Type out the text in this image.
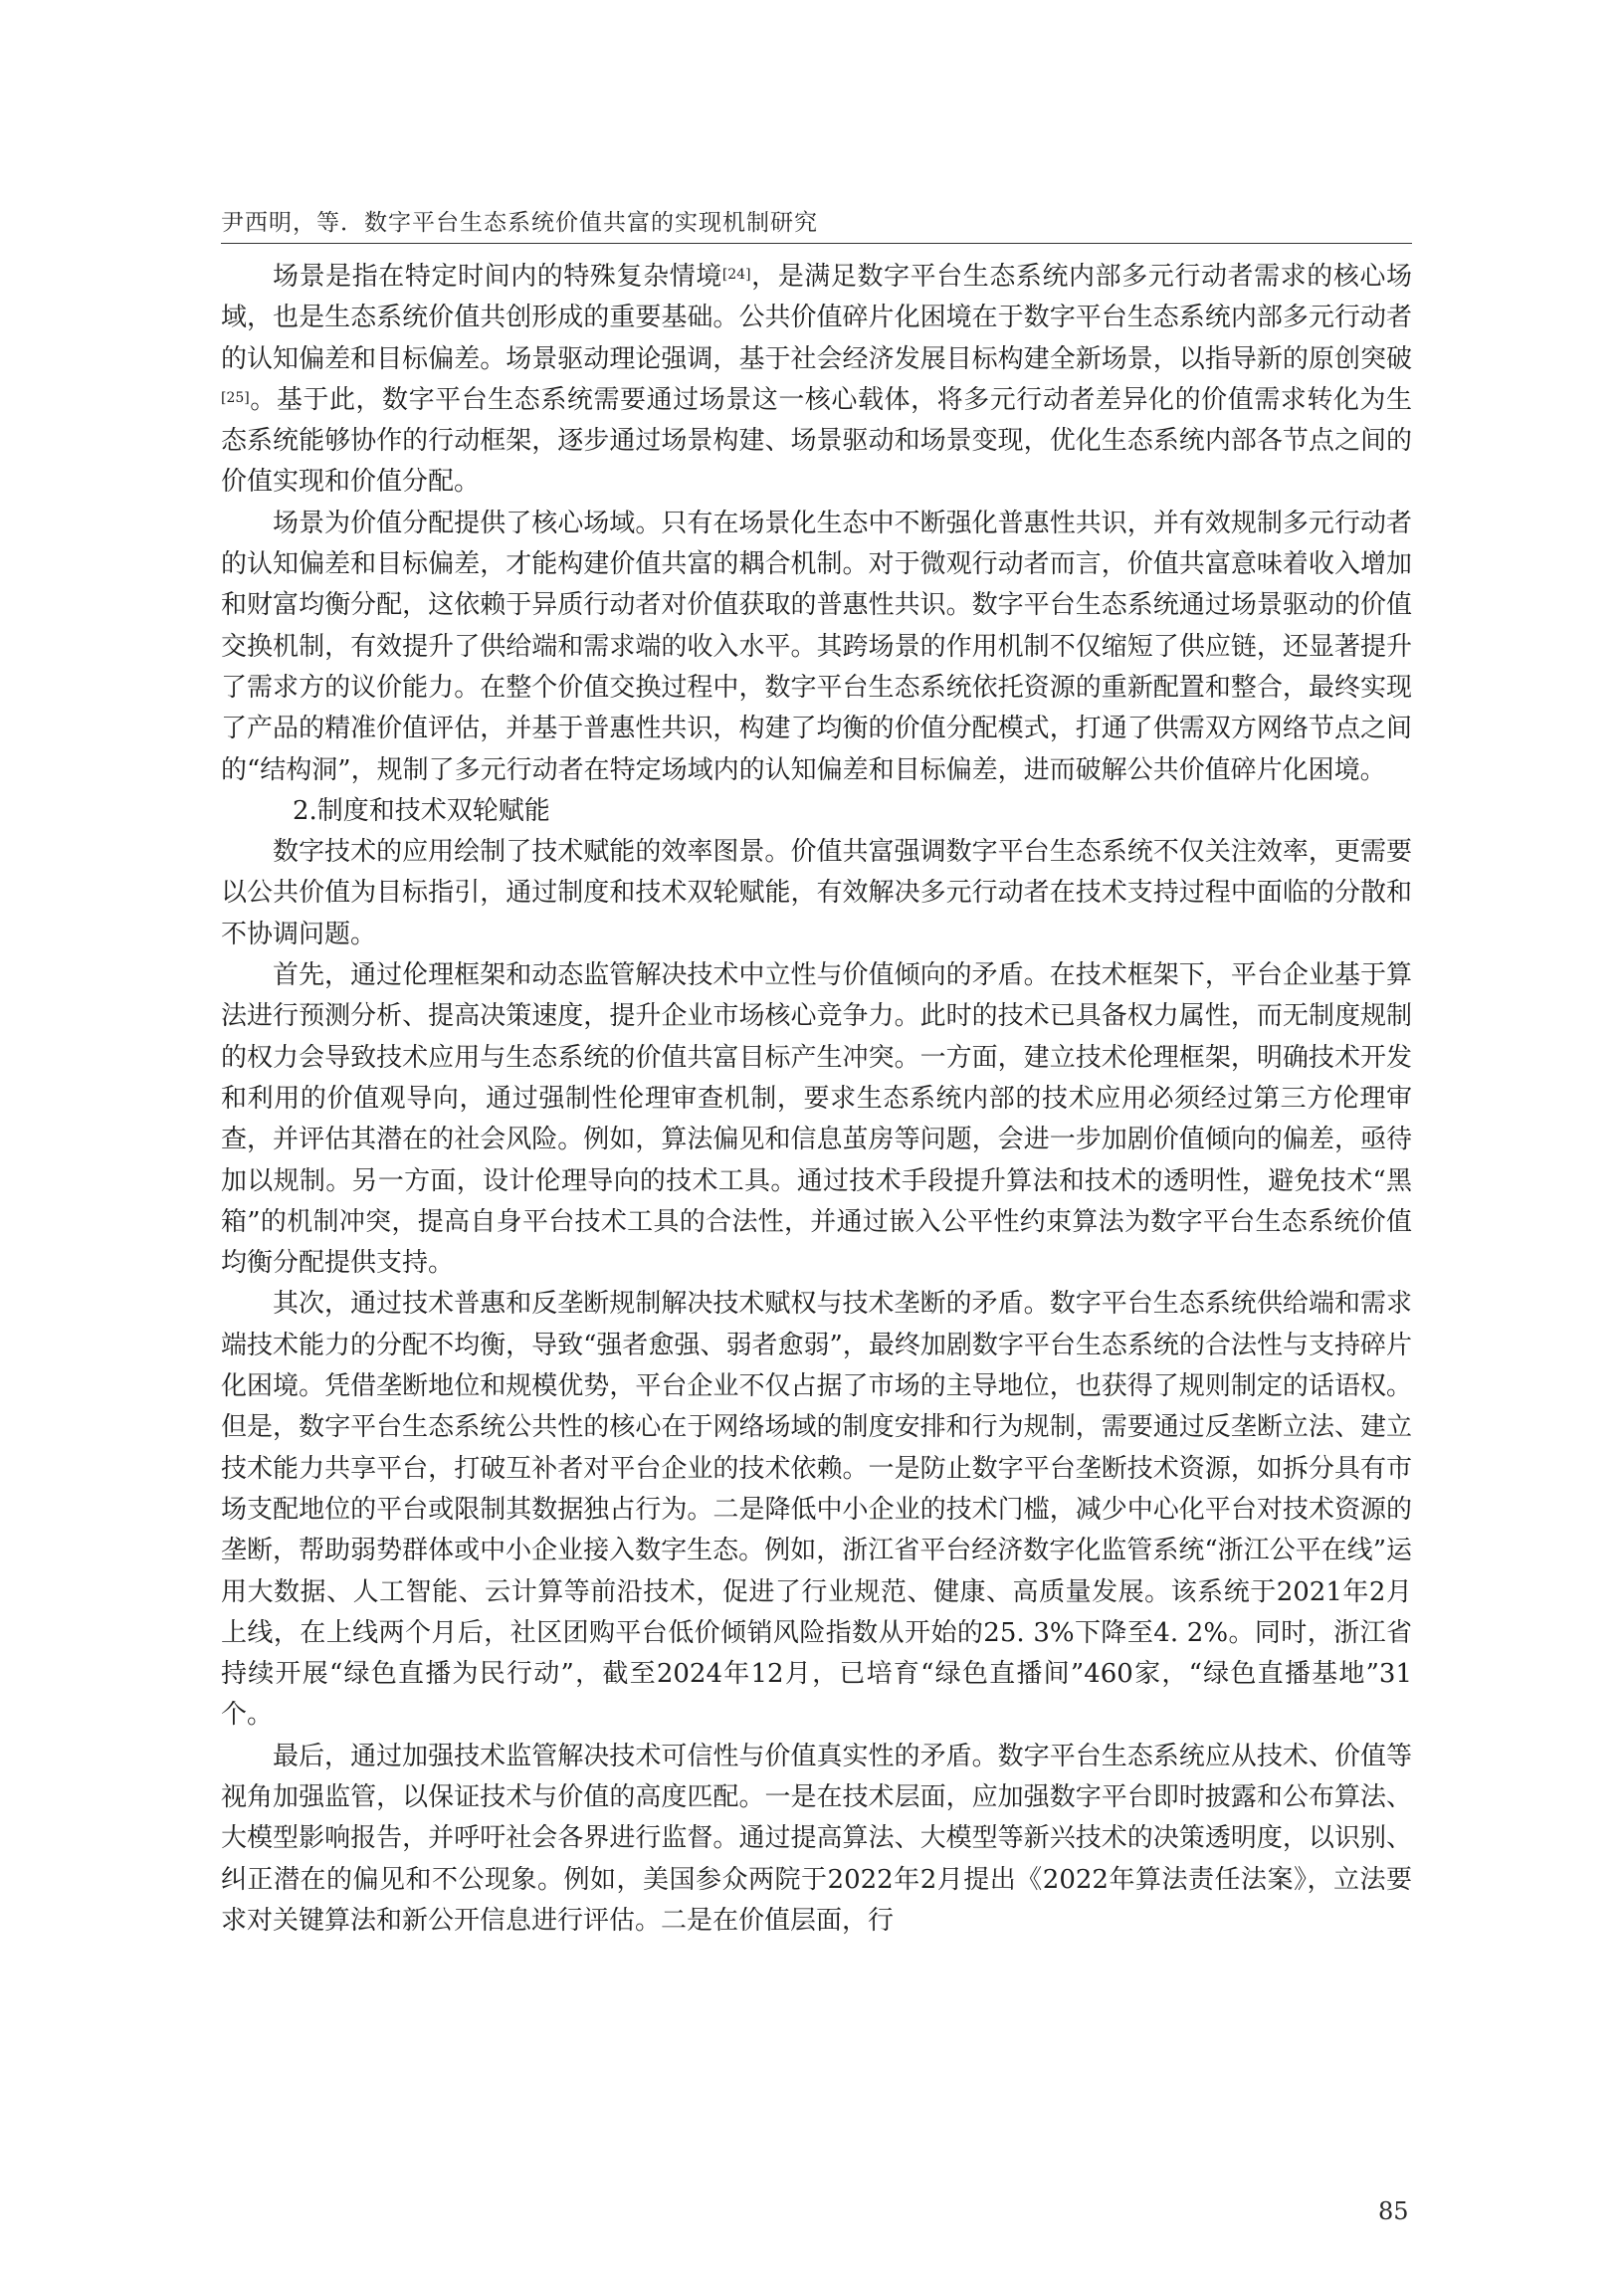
尹西明，等．数字平台生态系统价值共富的实现机制研究

场景是指在特定时间内的特殊复杂情境[24]，是满足数字平台生态系统内部多元行动者需求的核心场域，也是生态系统价值共创形成的重要基础。公共价值碎片化困境在于数字平台生态系统内部多元行动者的认知偏差和目标偏差。场景驱动理论强调，基于社会经济发展目标构建全新场景，以指导新的原创突破[25]。基于此，数字平台生态系统需要通过场景这一核心载体，将多元行动者差异化的价值需求转化为生态系统能够协作的行动框架，逐步通过场景构建、场景驱动和场景变现，优化生态系统内部各节点之间的价值实现和价值分配。

场景为价值分配提供了核心场域。只有在场景化生态中不断强化普惠性共识，并有效规制多元行动者的认知偏差和目标偏差，才能构建价值共富的耦合机制。对于微观行动者而言，价值共富意味着收入增加和财富均衡分配，这依赖于异质行动者对价值获取的普惠性共识。数字平台生态系统通过场景驱动的价值交换机制，有效提升了供给端和需求端的收入水平。其跨场景的作用机制不仅缩短了供应链，还显著提升了需求方的议价能力。在整个价值交换过程中，数字平台生态系统依托资源的重新配置和整合，最终实现了产品的精准价值评估，并基于普惠性共识，构建了均衡的价值分配模式，打通了供需双方网络节点之间的“结构洞”，规制了多元行动者在特定场域内的认知偏差和目标偏差，进而破解公共价值碎片化困境。

2.制度和技术双轮赋能

数字技术的应用绘制了技术赋能的效率图景。价值共富强调数字平台生态系统不仅关注效率，更需要以公共价值为目标指引，通过制度和技术双轮赋能，有效解决多元行动者在技术支持过程中面临的分散和不协调问题。

首先，通过伦理框架和动态监管解决技术中立性与价值倾向的矛盾。在技术框架下，平台企业基于算法进行预测分析、提高决策速度，提升企业市场核心竞争力。此时的技术已具备权力属性，而无制度规制的权力会导致技术应用与生态系统的价值共富目标产生冲突。一方面，建立技术伦理框架，明确技术开发和利用的价值观导向，通过强制性伦理审查机制，要求生态系统内部的技术应用必须经过第三方伦理审查，并评估其潜在的社会风险。例如，算法偏见和信息茧房等问题，会进一步加剧价值倾向的偏差，亟待加以规制。另一方面，设计伦理导向的技术工具。通过技术手段提升算法和技术的透明性，避免技术“黑箱”的机制冲突，提高自身平台技术工具的合法性，并通过嵌入公平性约束算法为数字平台生态系统价值均衡分配提供支持。

其次，通过技术普惠和反垄断规制解决技术赋权与技术垄断的矛盾。数字平台生态系统供给端和需求端技术能力的分配不均衡，导致“强者愈强、弱者愈弱”，最终加剧数字平台生态系统的合法性与支持碎片化困境。凭借垄断地位和规模优势，平台企业不仅占据了市场的主导地位，也获得了规则制定的话语权。但是，数字平台生态系统公共性的核心在于网络场域的制度安排和行为规制，需要通过反垄断立法、建立技术能力共享平台，打破互补者对平台企业的技术依赖。一是防止数字平台垄断技术资源，如拆分具有市场支配地位的平台或限制其数据独占行为。二是降低中小企业的技术门槛，减少中心化平台对技术资源的垄断，帮助弱势群体或中小企业接入数字生态。例如，浙江省平台经济数字化监管系统“浙江公平在线”运用大数据、人工智能、云计算等前沿技术，促进了行业规范、健康、高质量发展。该系统于2021年2月上线，在上线两个月后，社区团购平台低价倾销风险指数从开始的25. 3%下降至4. 2%。同时，浙江省持续开展“绿色直播为民行动”，截至2024年12月，已培育“绿色直播间”460家，“绿色直播基地”31个。

最后，通过加强技术监管解决技术可信性与价值真实性的矛盾。数字平台生态系统应从技术、价值等视角加强监管，以保证技术与价值的高度匹配。一是在技术层面，应加强数字平台即时披露和公布算法、大模型影响报告，并呼吁社会各界进行监督。通过提高算法、大模型等新兴技术的决策透明度，以识别、纠正潜在的偏见和不公现象。例如，美国参众两院于2022年2月提出《2022年算法责任法案》，立法要求对关键算法和新公开信息进行评估。二是在价值层面，行

85
